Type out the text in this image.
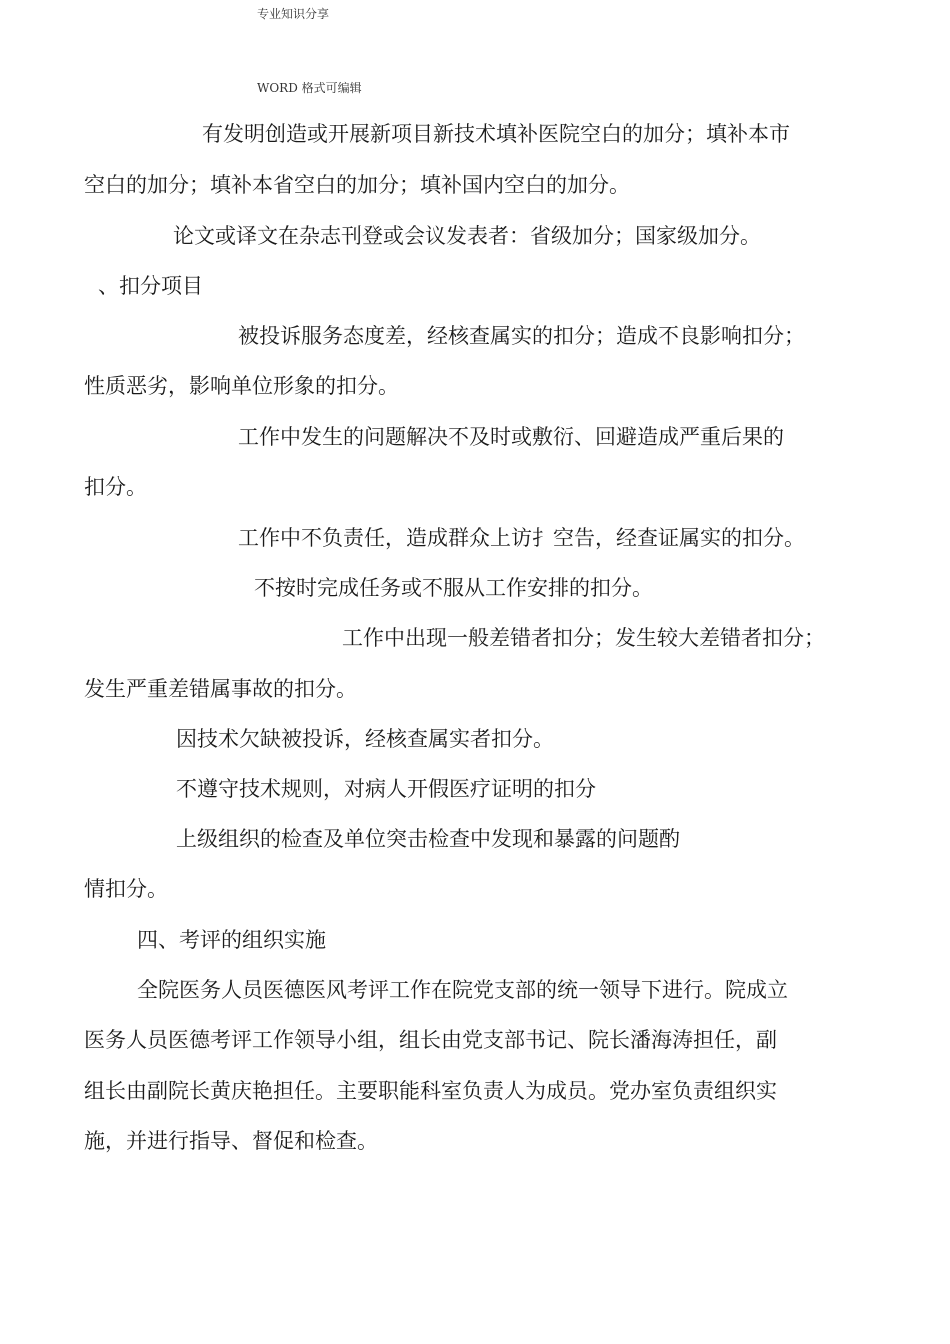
专业知识分享
WORD 格式可编辑
有发明创造或开展新项目新技术填补医院空白的加分；填补本市
空白的加分；填补本省空白的加分；填补国内空白的加分。
论文或译文在杂志刊登或会议发表者：省级加分；国家级加分。
、扣分项目
被投诉服务态度差，经核查属实的扣分；造成不良影响扣分；
性质恶劣，影响单位形象的扣分。
工作中发生的问题解决不及时或敷衍、回避造成严重后果的
扣分。
工作中不负责任，造成群众上访扌空告，经查证属实的扣分。
不按时完成任务或不服从工作安排的扣分。
工作中出现一般差错者扣分；发生较大差错者扣分；
发生严重差错属事故的扣分。
因技术欠缺被投诉，经核查属实者扣分。
不遵守技术规则，对病人开假医疗证明的扣分
上级组织的检查及单位突击检查中发现和暴露的问题酌
情扣分。
四、考评的组织实施
全院医务人员医德医风考评工作在院党支部的统一领导下进行。院成立
医务人员医德考评工作领导小组，组长由党支部书记、院长潘海涛担任，副
组长由副院长黄庆艳担任。主要职能科室负责人为成员。党办室负责组织实
施，并进行指导、督促和检查。
